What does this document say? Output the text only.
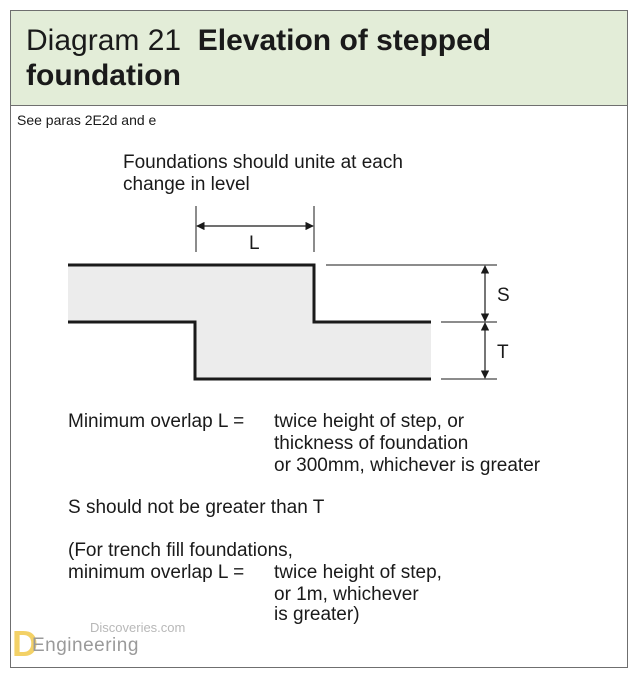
Diagram 21 Elevation of stepped foundation
See paras 2E2d and e
Foundations should unite at each
change in level
L
S
T
Minimum overlap L = twice height of step, or
thickness of foundation
or 300mm, whichever is greater
S should not be greater than T
(For trench fill foundations,
minimum overlap L = twice height of step,
or 1m, whichever
is greater)
D	Discoveries.com
Engineering
